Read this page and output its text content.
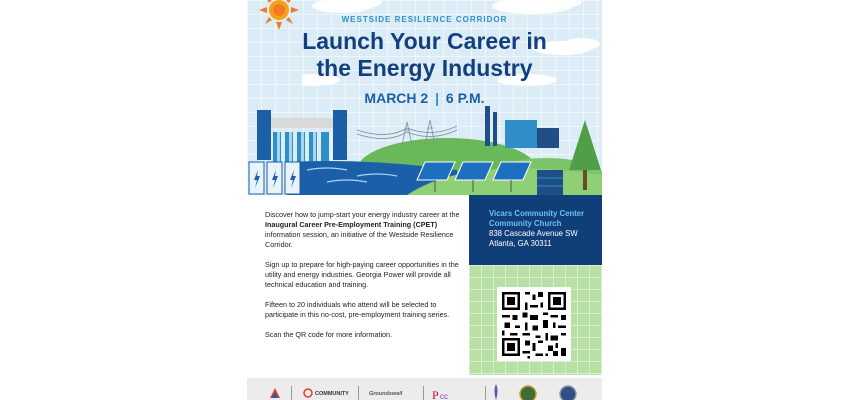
WESTSIDE RESILIENCE CORRIDOR
Launch Your Career in
the Energy Industry
MARCH 2 | 6 P.M.

Discover how to jump-start your energy industry career at the Inaugural Career Pre-Employment Training (CPET) information session, an initiative of the Westside Resilience Corridor.

Sign up to prepare for high-paying career opportunities in the utility and energy industries. Georgia Power will provide all technical education and training.

Fifteen to 20 individuals who attend will be selected to participate in this no-cost, pre-employment training series.

Scan the QR code for more information.

Vicars Community Center
Community Church
838 Cascade Avenue SW
Atlanta, GA 30311
COMMUNITY	Groundswell P cc
